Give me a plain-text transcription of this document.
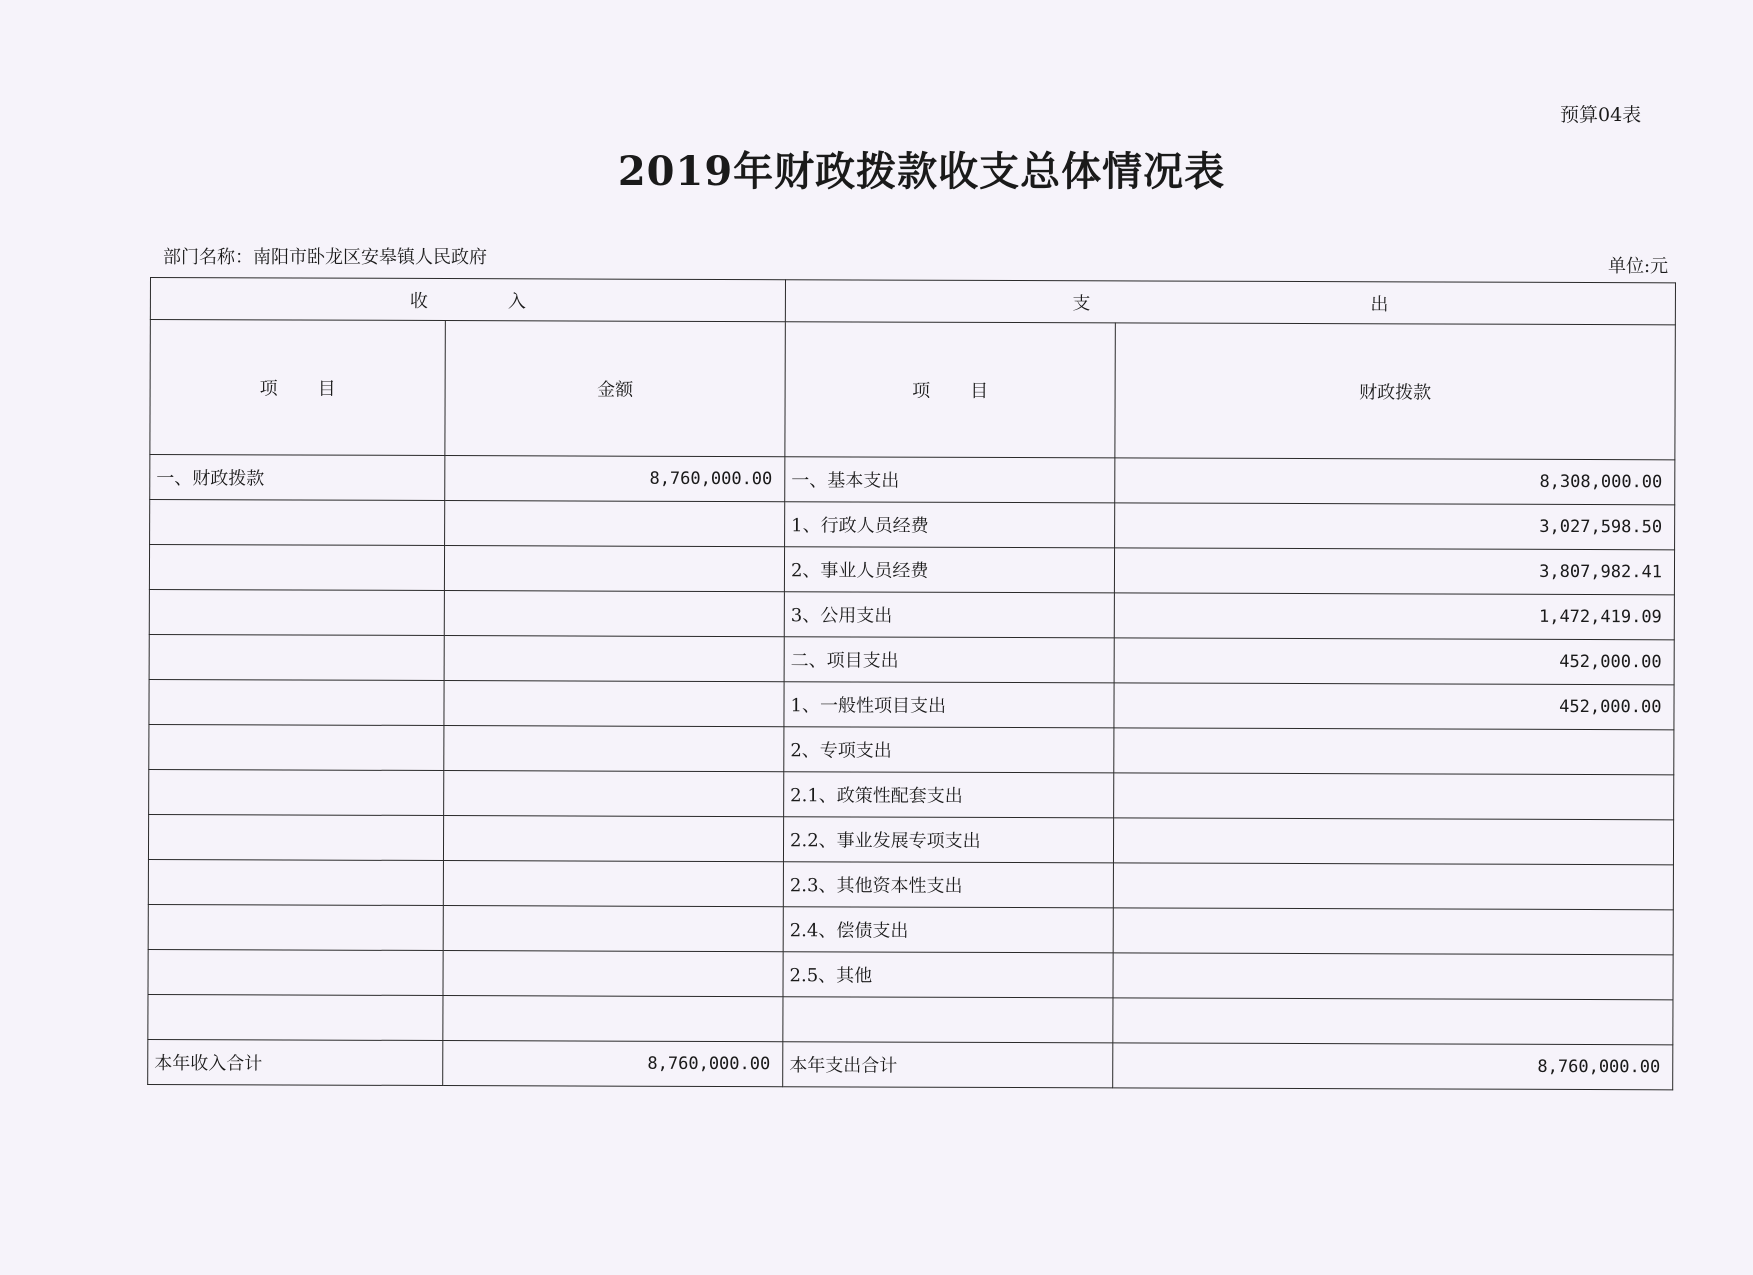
预算04表
2019年财政拨款收支总体情况表
部门名称：南阳市卧龙区安皋镇人民政府	单位:元
收 入		支 出	
项 目	金额	项 目	财政拨款
一、财政拨款	8,760,000.00	一、基本支出	8,308,000.00
		1、行政人员经费	3,027,598.50
		2、事业人员经费	3,807,982.41
		3、公用支出	1,472,419.09
		二、项目支出	452,000.00
		1、一般性项目支出	452,000.00
		2、专项支出	
		2.1、政策性配套支出	
		2.2、事业发展专项支出	
		2.3、其他资本性支出	
		2.4、偿债支出	
		2.5、其他	

本年收入合计	8,760,000.00	本年支出合计	8,760,000.00
